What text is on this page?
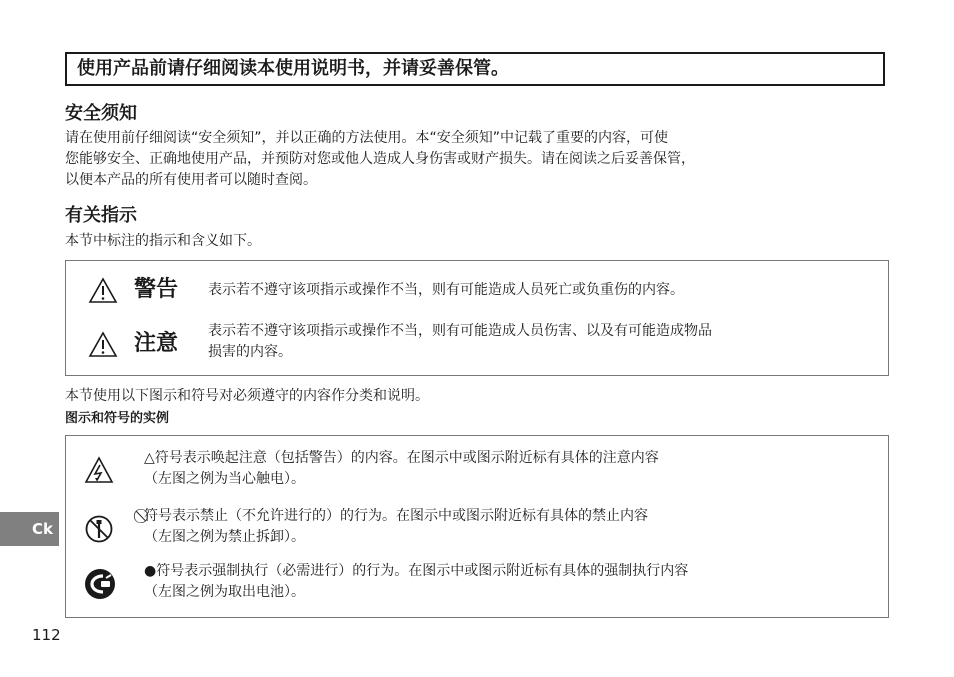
使用产品前请仔细阅读本使用说明书，并请妥善保管。
安全须知
请在使用前仔细阅读“安全须知”，并以正确的方法使用。本“安全须知”中记载了重要的内容，可使
您能够安全、正确地使用产品，并预防对您或他人造成人身伤害或财产损失。请在阅读之后妥善保管，
以便本产品的所有使用者可以随时查阅。
有关指示
本节中标注的指示和含义如下。
警告 表示若不遵守该项指示或操作不当，则有可能造成人员死亡或负重伤的内容。
注意 表示若不遵守该项指示或操作不当，则有可能造成人员伤害、以及有可能造成物品
损害的内容。
本节使用以下图示和符号对必须遵守的内容作分类和说明。
图示和符号的实例
△符号表示唤起注意（包括警告）的内容。在图示中或图示附近标有具体的注意内容
（左图之例为当心触电）。
⃠符号表示禁止（不允许进行的）的行为。在图示中或图示附近标有具体的禁止内容
（左图之例为禁止拆卸）。
●符号表示强制执行（必需进行）的行为。在图示中或图示附近标有具体的强制执行内容
（左图之例为取出电池）。
Ck
112
